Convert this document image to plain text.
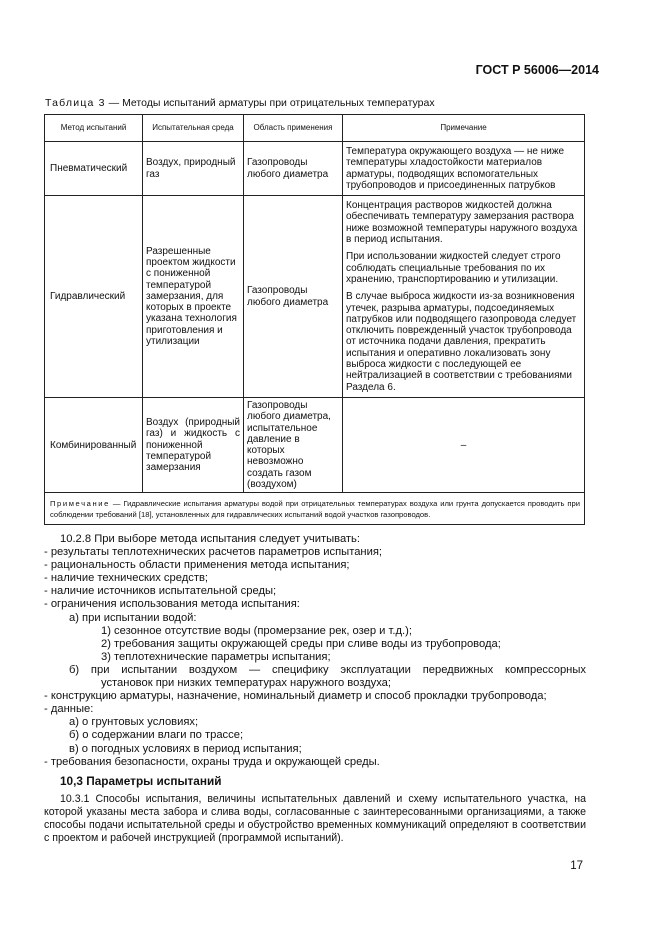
ГОСТ Р 56006—2014
Таблица 3 — Методы испытаний арматуры при отрицательных температурах
Метод испытаний	Испытательная среда	Область применения	Примечание
Пневматический	Воздух, природный газ	Газопроводы любого диаметра	Температура окружающего воздуха — не ниже температуры хладостойкости материалов арматуры, подводящих вспомогательных трубопроводов и присоединенных патрубков

Гидравлический	Разрешенные проектом жидкости с пониженной температурой замерзания, для которых в проекте указана технология приготовления и утилизации	Газопроводы любого диаметра	Концентрация растворов жидкостей должна обеспечивать температуру замерзания раствора ниже возможной температуры наружного воздуха в период испытания.
При использовании жидкостей следует строго соблюдать специальные требования по их хранению, транспортированию и утилизации.
В случае выброса жидкости из-за возникновения утечек, разрыва арматуры, подсоединяемых патрубков или подводящего газопровода следует отключить поврежденный участок трубопровода от источника подачи давления, прекратить испытания и оперативно локализовать зону выброса жидкости с последующей ее нейтрализацией в соответствии с требованиями Раздела 6.

Комбинированный	Воздух (природный газ) и жидкость с пониженной температурой замерзания	Газопроводы любого диаметра, испытательное давление в которых невозможно создать газом (воздухом)	–
Примечание — Гидравлические испытания арматуры водой при отрицательных температурах воздуха или грунта допускается проводить при соблюдении требований [18], установленных для гидравлических испытаний водой участков газопроводов.			
10.2.8 При выборе метода испытания следует учитывать:
- результаты теплотехнических расчетов параметров испытания;
- рациональность области применения метода испытания;
- наличие технических средств;
- наличие источников испытательной среды;
- ограничения использования метода испытания:
а) при испытании водой:
1) сезонное отсутствие воды (промерзание рек, озер и т.д.);
2) требования защиты окружающей среды при сливе воды из трубопровода;
3) теплотехнические параметры испытания;
б) при испытании воздухом — специфику эксплуатации передвижных компрессорных
установок при низких температурах наружного воздуха;
- конструкцию арматуры, назначение, номинальный диаметр и способ прокладки трубопровода;
- данные:
а) о грунтовых условиях;
б) о содержании влаги по трассе;
в) о погодных условиях в период испытания;
- требования безопасности, охраны труда и окружающей среды.
10,3 Параметры испытаний

10.3.1 Способы испытания, величины испытательных давлений и схему испытательного участка, на которой указаны места забора и слива воды, согласованные с заинтересованными организациями, а также способы подачи испытательной среды и обустройство временных коммуникаций определяют в соответствии с проектом и рабочей инструкцией (программой испытаний).

17
